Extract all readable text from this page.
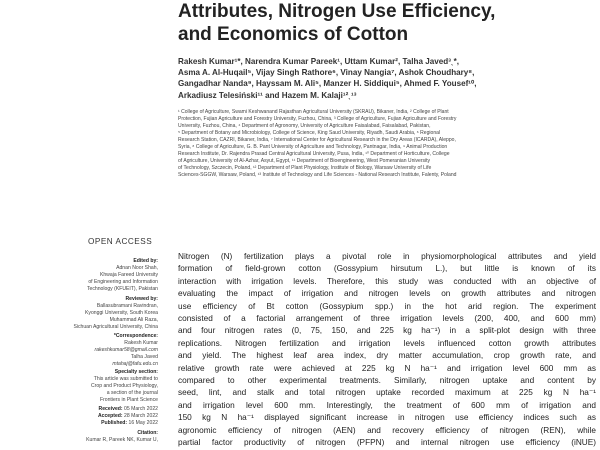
Attributes, Nitrogen Use Efficiency,
and Economics of Cotton
Rakesh Kumar¹*, Narendra Kumar Pareek¹, Uttam Kumar², Talha Javed³ˎ*,
Asma A. Al-Huqail⁵, Vijay Singh Rathore⁶, Vinay Nangia⁷, Ashok Choudhary⁸,
Gangadhar Nanda⁹, Hayssam M. Ali⁵, Manzer H. Siddiqui⁵, Ahmed F. Yousef¹⁰,
Arkadiusz Telesiński¹¹ and Hazem M. Kalaji¹²ˎ¹³
¹ College of Agriculture, Swami Keshwanand Rajasthan Agricultural University (SKRAU), Bikaner, India, ² College of Plant
Protection, Fujian Agriculture and Forestry University, Fuzhou, China, ³ College of Agriculture, Fujian Agriculture and Forestry
University, Fuzhou, China, ⁴ Department of Agronomy, University of Agriculture Faisalabad, Faisalabad, Pakistan,
⁵ Department of Botany and Microbiology, College of Science, King Saud University, Riyadh, Saudi Arabia, ⁶ Regional
Research Station, CAZRI, Bikaner, India, ⁷ International Center for Agricultural Research in the Dry Areas (ICARDA), Aleppo,
Syria, ⁸ College of Agriculture, G. B. Pant University of Agriculture and Technology, Pantnagar, India, ⁹ Animal Production
Research Institute, Dr. Rajendra Prasad Central Agricultural University, Pusa, India, ¹⁰ Department of Horticulture, College
of Agriculture, University of Al-Azhar, Asyut, Egypt, ¹¹ Department of Bioengineering, West Pomeranian University
of Technology, Szczecin, Poland, ¹² Department of Plant Physiology, Institute of Biology, Warsaw University of Life
Sciences-SGGW, Warsaw, Poland, ¹³ Institute of Technology and Life Sciences - National Research Institute, Falenty, Poland
OPEN ACCESS
Edited by:
Adnan Noor Shah,
Khwaja Fareed University
of Engineering and Information
Technology (KFUEIT), Pakistan
Reviewed by:
Ballasubramani Ravindran,
Kyonggi University, South Korea
Muhammad Ali Raza,
Sichuan Agricultural University, China
*Correspondence:
Rakesh Kumar
rakeshkumar58@gmail.com
Talha Javed
mtahaj@fafu.edu.cn
Specialty section:
This article was submitted to
Crop and Product Physiology,
a section of the journal
Frontiers in Plant Science
Received: 05 March 2022
Accepted: 28 March 2022
Published: 16 May 2022
Citation:
Kumar R, Pareek NK, Kumar U,
Nitrogen (N) fertilization plays a pivotal role in physiomorphological attributes and yield
formation of field-grown cotton (Gossypium hirsutum L.), but little is known of its
interaction with irrigation levels. Therefore, this study was conducted with an objective of
evaluating the impact of irrigation and nitrogen levels on growth attributes and nitrogen
use efficiency of Bt cotton (Gossypium spp.) in the hot arid region. The experiment
consisted of a factorial arrangement of three irrigation levels (200, 400, and 600 mm)
and four nitrogen rates (0, 75, 150, and 225 kg ha⁻¹) in a split-plot design with three
replications. Nitrogen fertilization and irrigation levels influenced cotton growth attributes
and yield. The highest leaf area index, dry matter accumulation, crop growth rate, and
relative growth rate were achieved at 225 kg N ha⁻¹ and irrigation level 600 mm as
compared to other experimental treatments. Similarly, nitrogen uptake and content by
seed, lint, and stalk and total nitrogen uptake recorded maximum at 225 kg N ha⁻¹
and irrigation level 600 mm. Interestingly, the treatment of 600 mm of irrigation and
150 kg N ha⁻¹ displayed significant increase in nitrogen use efficiency indices such as
agronomic efficiency of nitrogen (AEN) and recovery efficiency of nitrogen (REN), while
partial factor productivity of nitrogen (PFPN) and internal nitrogen use efficiency (iNUE)
